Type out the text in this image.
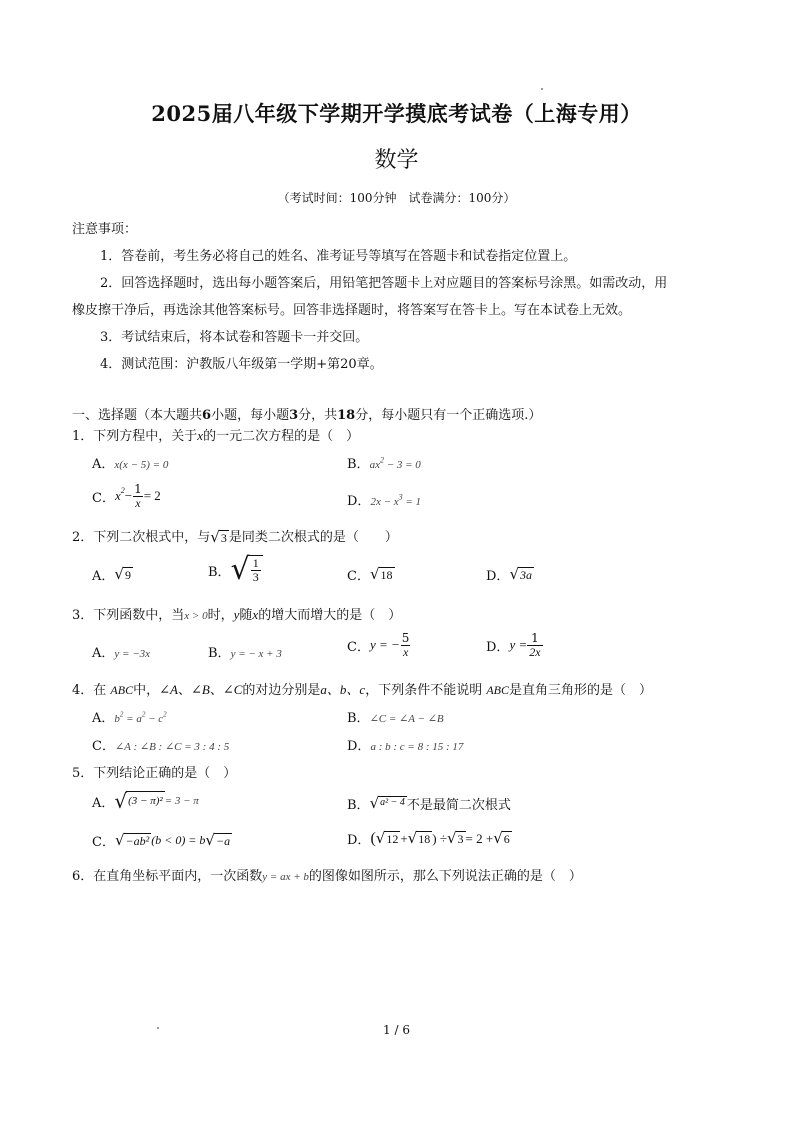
2025届八年级下学期开学摸底考试卷（上海专用）
数学
（考试时间：100分钟　试卷满分：100分）
注意事项：
1．答卷前，考生务必将自己的姓名、准考证号等填写在答题卡和试卷指定位置上。
2．回答选择题时，选出每小题答案后，用铅笔把答题卡上对应题目的答案标号涂黑。如需改动，用
橡皮擦干净后，再选涂其他答案标号。回答非选择题时，将答案写在答卡上。写在本试卷上无效。
3．考试结束后，将本试卷和答题卡一并交回。
4．测试范围：沪教版八年级第一学期+第20章。
一、选择题（本大题共6小题，每小题3分，共18分，每小题只有一个正确选项.）
1．下列方程中，关于x的一元二次方程的是（　）
A．x(x − 5) = 0	B．$ax^2 - 3 = 0$
C． $x^2 - \frac{1}{x} = 2$	D．$2x - x^3 = 1$
2．下列二次根式中，与 √ 3 是同类二次根式的是（　　）
A． √ 9	B． √ $\frac{1}{3}$	C． √ 18	D． √ 3a
3．下列函数中，当x > 0时，y随x的增大而增大的是（　）
A．y = −3x	B．y = − x + 3	C． y = − $\frac{5}{x}$	D． $y = \frac{1}{2x}$
4．在 ABC中，∠A、∠B、∠C的对边分别是a、b、c，下列条件不能说明 ABC是直角三角形的是（　）
A．$b^2 = a^2 - c^2$	B．∠C = ∠A − ∠B
C．∠A : ∠B : ∠C = 3 : 4 : 5	D．a : b : c = 8 : 15 : 17
5．下列结论正确的是（　）
A． √ (3 − π)² = 3 − π	B． √ a² − 4 不是最简二次根式
C． √ −ab² (b < 0) = b √ −a	D． ( √ 12 + √ 18 ) ÷ √ 3 = 2 + √ 6
6．在直角坐标平面内，一次函数y = ax + b的图像如图所示，那么下列说法正确的是（　）
1 / 6
